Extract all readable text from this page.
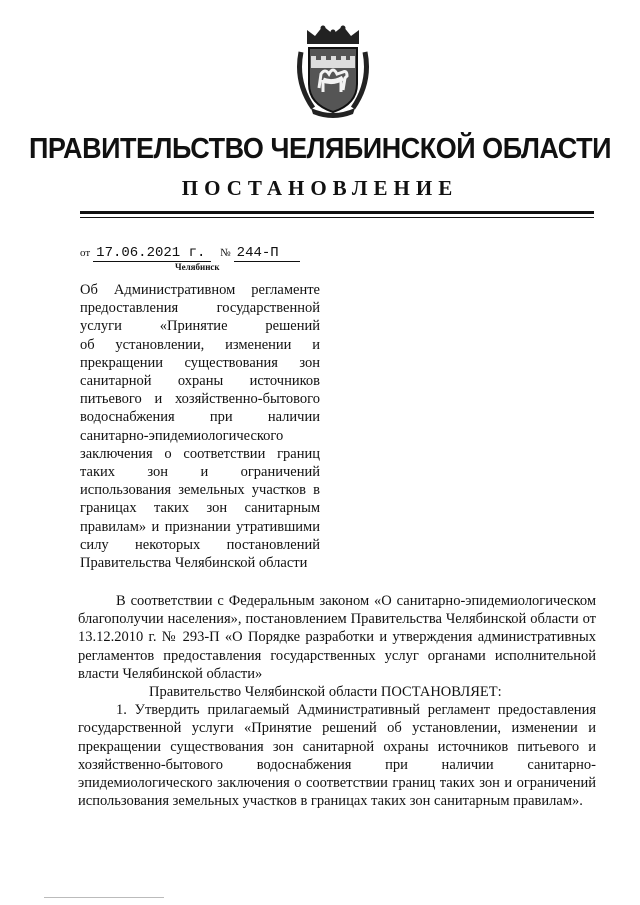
ПРАВИТЕЛЬСТВО ЧЕЛЯБИНСКОЙ ОБЛАСТИ
ПОСТАНОВЛЕНИЕ
от 17.06.2021 г. № 244-П
Челябинск
Об Административном регламенте
предоставления государственной
услуги «Принятие решений
об установлении, изменении и
прекращении существования зон
санитарной охраны источников
питьевого и хозяйственно-бытового
водоснабжения при наличии
санитарно-эпидемиологического
заключения о соответствии границ
таких зон и ограничений
использования земельных участков в
границах таких зон санитарным
правилам» и признании утратившими
силу некоторых постановлений
Правительства Челябинской области

В соответствии с Федеральным законом «О санитарно-эпидемиологическом благополучии населения», постановлением Правительства Челябинской области от 13.12.2010 г. № 293-П «О Порядке разработки и утверждения административных регламентов предоставления государственных услуг органами исполнительной власти Челябинской области»

Правительство Челябинской области ПОСТАНОВЛЯЕТ:

1. Утвердить прилагаемый Административный регламент предоставления государственной услуги «Принятие решений об установлении, изменении и прекращении существования зон санитарной охраны источников питьевого и хозяйственно-бытового водоснабжения при наличии санитарно-эпидемиологического заключения о соответствии границ таких зон и ограничений использования земельных участков в границах таких зон санитарным правилам».
